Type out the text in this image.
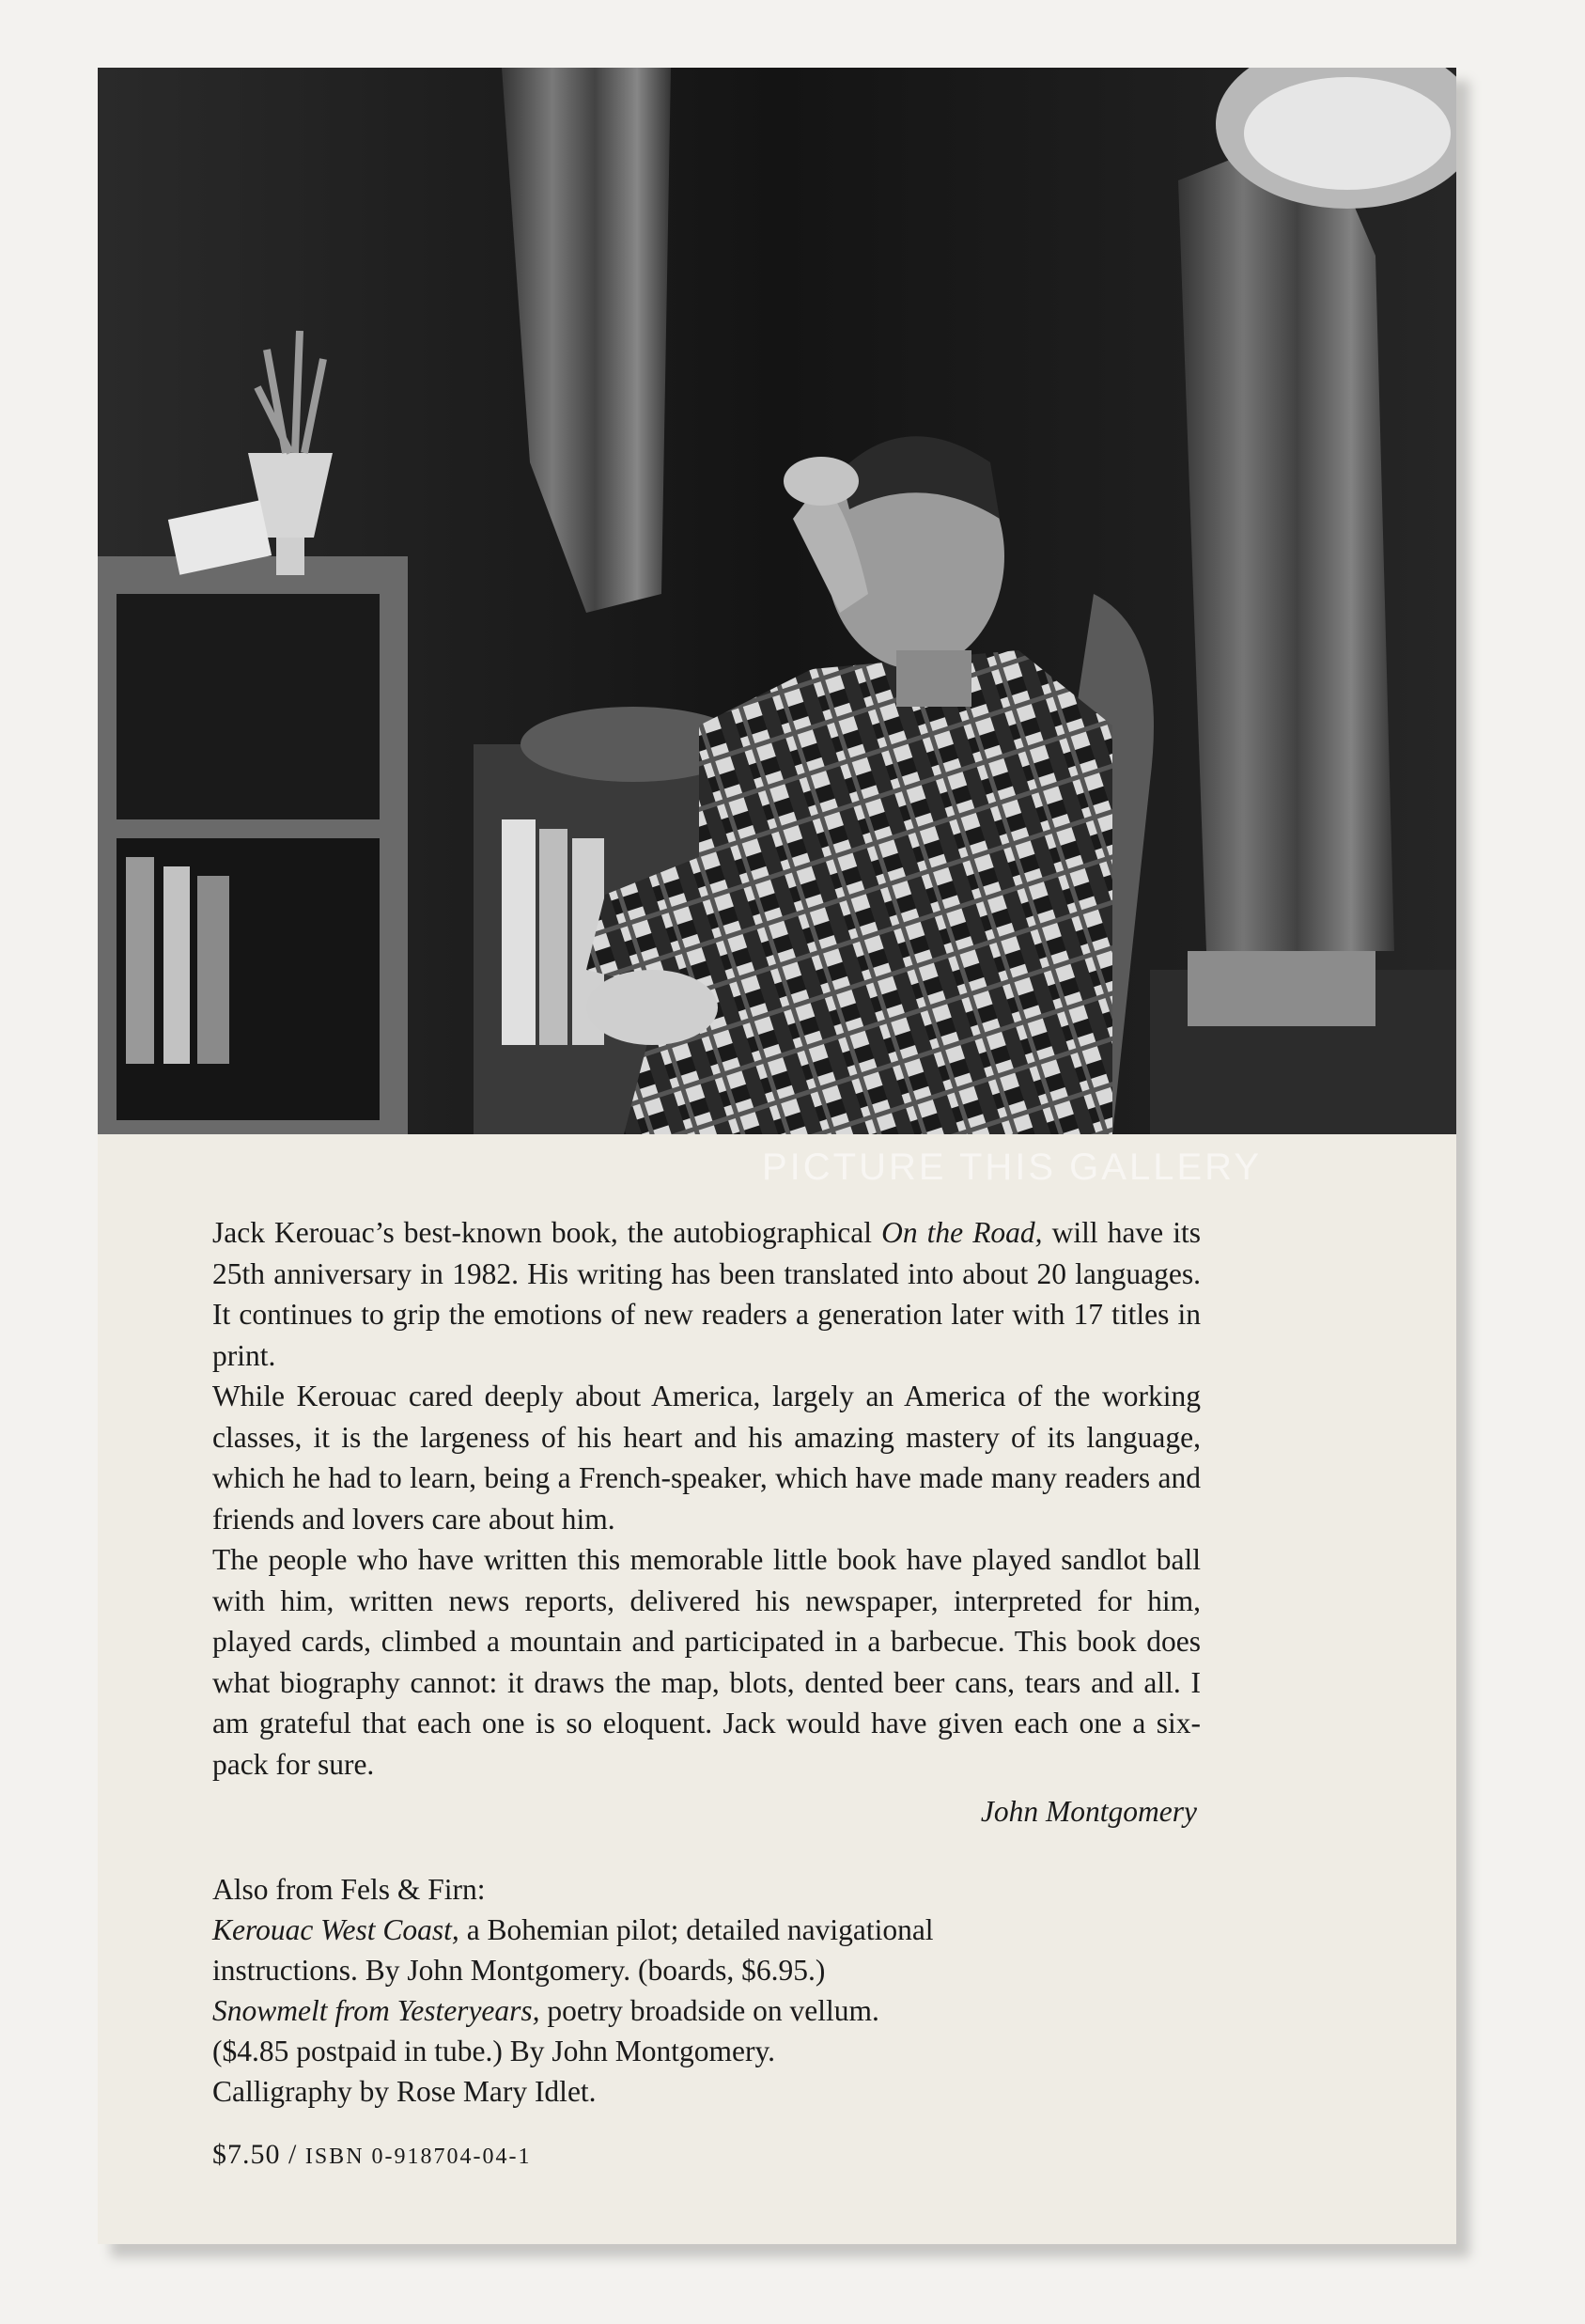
PICTURE THIS GALLERY

Jack Kerouac’s best-known book, the autobiographical On the Road, will have its 25th anniversary in 1982. His writing has been translated into about 20 languages. It continues to grip the emotions of new readers a generation later with 17 titles in print.

While Kerouac cared deeply about America, largely an America of the working classes, it is the largeness of his heart and his amazing mastery of its language, which he had to learn, being a French-speaker, which have made many readers and friends and lovers care about him.

The people who have written this memorable little book have played sandlot ball with him, written news reports, delivered his newspaper, interpreted for him, played cards, climbed a mountain and participated in a barbecue. This book does what biography cannot: it draws the map, blots, dented beer cans, tears and all. I am grateful that each one is so eloquent. Jack would have given each one a six-pack for sure.

John Montgomery
Also from Fels & Firn:
Kerouac West Coast, a Bohemian pilot; detailed navigational
instructions. By John Montgomery. (boards, $6.95.)
Snowmelt from Yesteryears, poetry broadside on vellum.
($4.85 postpaid in tube.) By John Montgomery.
Calligraphy by Rose Mary Idlet.
$7.50 / ISBN 0-918704-04-1
